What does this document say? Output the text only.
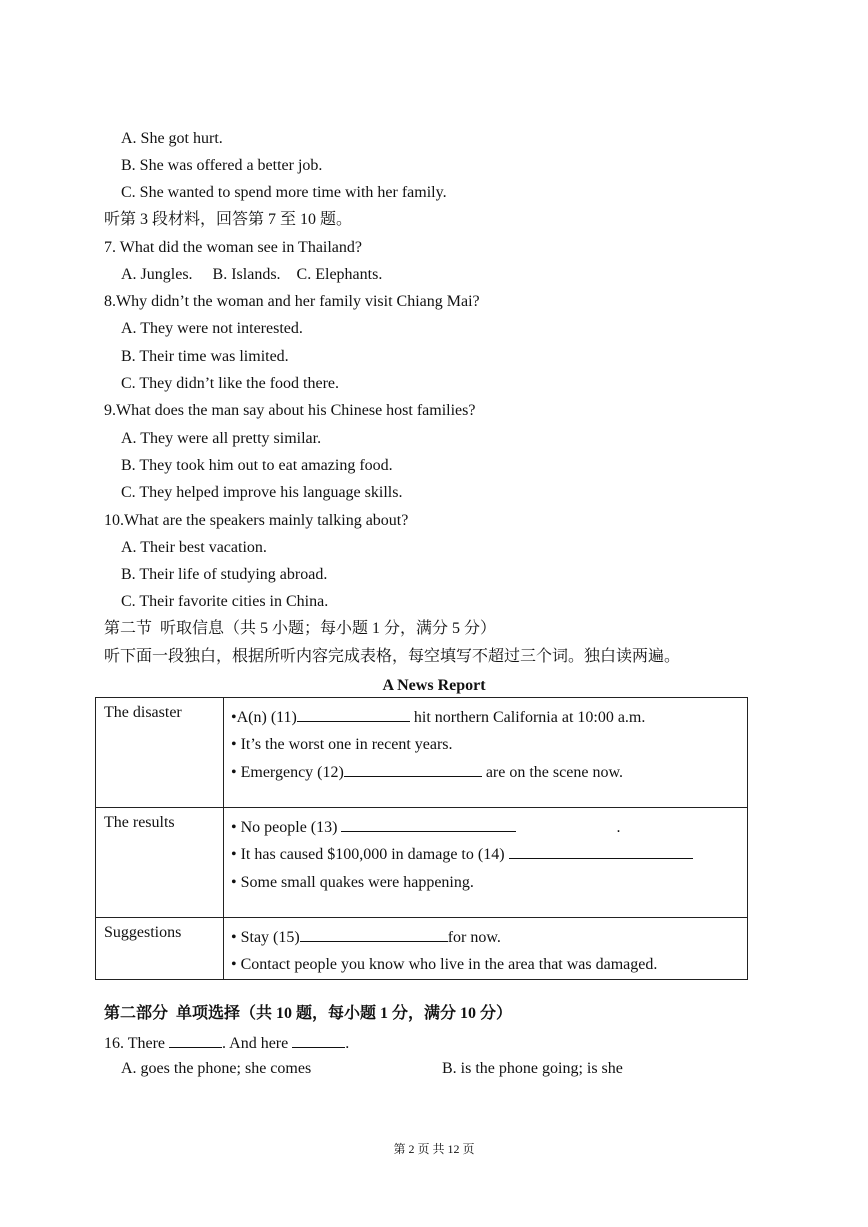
A. She got hurt.
B. She was offered a better job.
C. She wanted to spend more time with her family.
听第 3 段材料，回答第 7 至 10 题。
7. What did the woman see in Thailand?
A. Jungles.     B. Islands.    C. Elephants.
8.Why didn’t the woman and her family visit Chiang Mai?
A. They were not interested.
B. Their time was limited.
C. They didn’t like the food there.
9.What does the man say about his Chinese host families?
A. They were all pretty similar.
B. They took him out to eat amazing food.
C. They helped improve his language skills.
10.What are the speakers mainly talking about?
A. Their best vacation.
B. Their life of studying abroad.
C. Their favorite cities in China.
第二节  听取信息（共 5 小题；每小题 1 分，满分 5 分）
听下面一段独白，根据所听内容完成表格，每空填写不超过三个词。独白读两遍。
A News Report
The disaster	•A(n) (11) hit northern California at 10:00 a.m.
• It’s the worst one in recent years.
• Emergency (12) are on the scene now.

The results	• No people (13) .
• It has caused $100,000 in damage to (14)
• Some small quakes were happening.

Suggestions	• Stay (15) for now.
• Contact people you know who live in the area that was damaged.
第二部分  单项选择（共 10 题，每小题 1 分，满分 10 分）
16. There	. And here	.
A. goes the phone; she comes	B. is the phone going; is she
第 2 页 共 12 页
